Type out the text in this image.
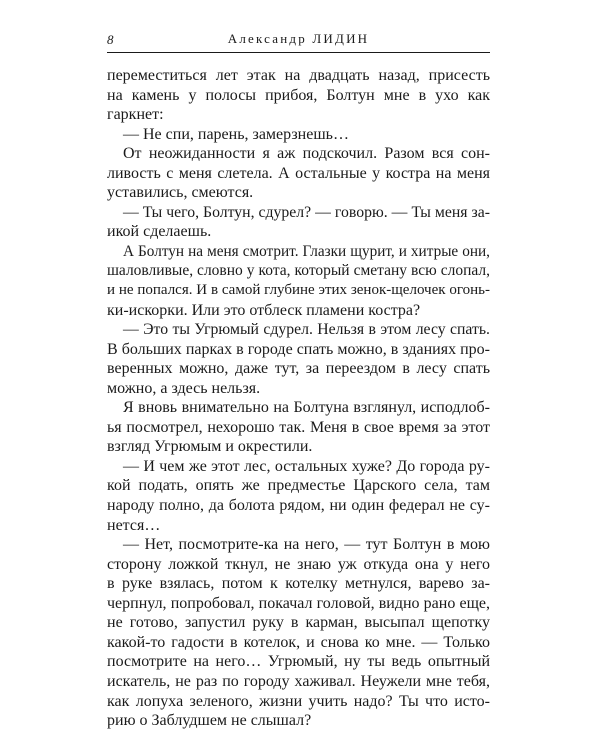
8	Александр ЛИДИН
переместиться лет этак на двадцать назад, присесть
на камень у полосы прибоя, Болтун мне в ухо как
гаркнет:
— Не спи, парень, замерзнешь…
От неожиданности я аж подскочил. Разом вся сон-
ливость с меня слетела. А остальные у костра на меня
уставились, смеются.
— Ты чего, Болтун, сдурел? — говорю. — Ты меня за-
икой сделаешь.
А Болтун на меня смотрит. Глазки щурит, и хитрые они,
шаловливые, словно у кота, который сметану всю слопал,
и не попался. И в самой глубине этих зенок-щелочек огонь-
ки-искорки. Или это отблеск пламени костра?
— Это ты Угрюмый сдурел. Нельзя в этом лесу спать.
В больших парках в городе спать можно, в зданиях про-
веренных можно, даже тут, за переездом в лесу спать
можно, а здесь нельзя.
Я вновь внимательно на Болтуна взглянул, исподлоб-
ья посмотрел, нехорошо так. Меня в свое время за этот
взгляд Угрюмым и окрестили.
— И чем же этот лес, остальных хуже? До города ру-
кой подать, опять же предместье Царского села, там
народу полно, да болота рядом, ни один федерал не су-
нется…
— Нет, посмотрите-ка на него, — тут Болтун в мою
сторону ложкой ткнул, не знаю уж откуда она у него
в руке взялась, потом к котелку метнулся, варево за-
черпнул, попробовал, покачал головой, видно рано еще,
не готово, запустил руку в карман, высыпал щепотку
какой-то гадости в котелок, и снова ко мне. — Только
посмотрите на него… Угрюмый, ну ты ведь опытный
искатель, не раз по городу хаживал. Неужели мне тебя,
как лопуха зеленого, жизни учить надо? Ты что исто-
рию о Заблудшем не слышал?
